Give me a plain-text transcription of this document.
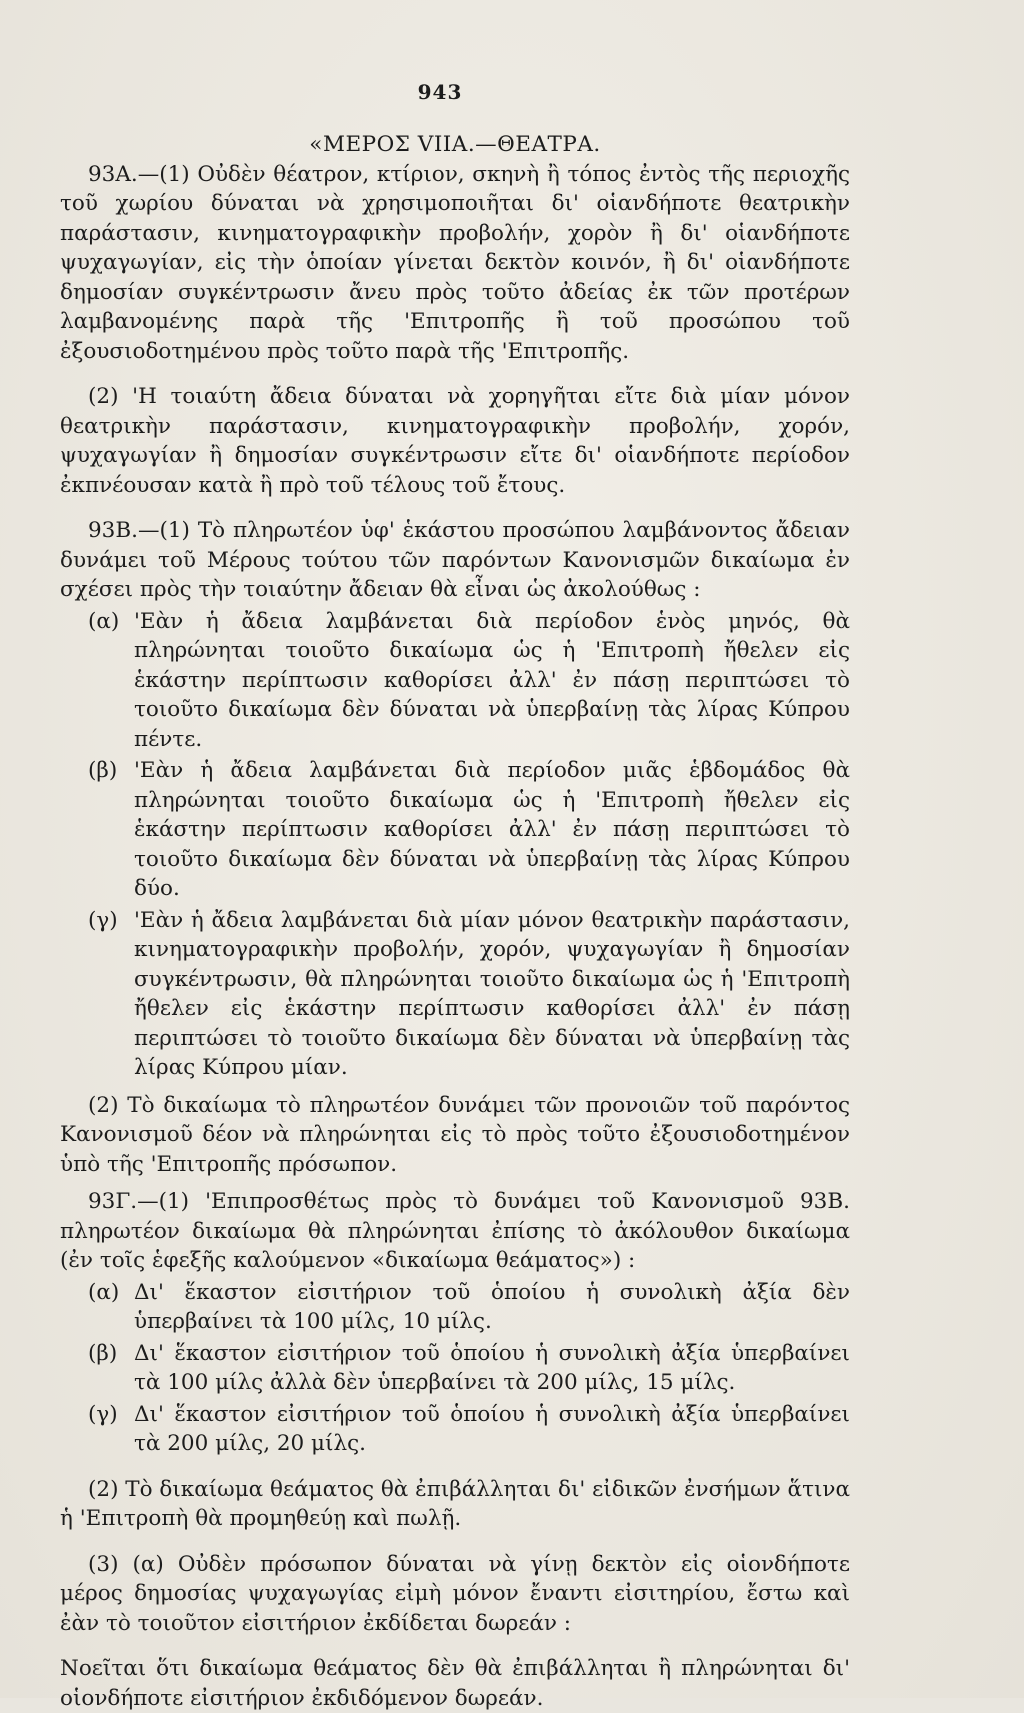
943

«ΜΕΡΟΣ VIIA.—ΘΕΑΤΡΑ.

93Α.—(1) Οὐδὲν θέατρον, κτίριον, σκηνὴ ἢ τόπος ἐντὸς τῆς περιοχῆς τοῦ χωρίου δύναται νὰ χρησιμοποιῆται δι' οἱανδήποτε θεατρικὴν παράστασιν, κινηματογραφικὴν προβολήν, χορὸν ἢ δι' οἱανδήποτε ψυχαγωγίαν, εἰς τὴν ὁποίαν γίνεται δεκτὸν κοινόν, ἢ δι' οἱανδήποτε δημοσίαν συγκέντρωσιν ἄνευ πρὸς τοῦτο ἀδείας ἐκ τῶν προτέρων λαμβανομένης παρὰ τῆς 'Επιτροπῆς ἢ τοῦ προσώπου τοῦ ἐξουσιοδοτημένου πρὸς τοῦτο παρὰ τῆς 'Επιτροπῆς.

(2) 'Η τοιαύτη ἄδεια δύναται νὰ χορηγῆται εἴτε διὰ μίαν μόνον θεατρικὴν παράστασιν, κινηματογραφικὴν προβολήν, χορόν, ψυχαγωγίαν ἢ δημοσίαν συγκέντρωσιν εἴτε δι' οἱανδήποτε περίοδον ἐκπνέουσαν κατὰ ἢ πρὸ τοῦ τέλους τοῦ ἔτους.

93Β.—(1) Τὸ πληρωτέον ὑφ' ἑκάστου προσώπου λαμβάνοντος ἄδειαν δυνάμει τοῦ Μέρους τούτου τῶν παρόντων Κανονισμῶν δικαίωμα ἐν σχέσει πρὸς τὴν τοιαύτην ἄδειαν θὰ εἶναι ὡς ἀκολούθως :

(α) 'Εὰν ἡ ἄδεια λαμβάνεται διὰ περίοδον ἑνὸς μηνός, θὰ πληρώνηται τοιοῦτο δικαίωμα ὡς ἡ 'Επιτροπὴ ἤθελεν εἰς ἑκάστην περίπτωσιν καθορίσει ἀλλ' ἐν πάσῃ περιπτώσει τὸ τοιοῦτο δικαίωμα δὲν δύναται νὰ ὑπερβαίνῃ τὰς λίρας Κύπρου πέντε.
(β) 'Εὰν ἡ ἄδεια λαμβάνεται διὰ περίοδον μιᾶς ἑβδομάδος θὰ πληρώνηται τοιοῦτο δικαίωμα ὡς ἡ 'Επιτροπὴ ἤθελεν εἰς ἑκάστην περίπτωσιν καθορίσει ἀλλ' ἐν πάσῃ περιπτώσει τὸ τοιοῦτο δικαίωμα δὲν δύναται νὰ ὑπερβαίνῃ τὰς λίρας Κύπρου δύο.
(γ) 'Εὰν ἡ ἄδεια λαμβάνεται διὰ μίαν μόνον θεατρικὴν παράστασιν, κινηματογραφικὴν προβολήν, χορόν, ψυχαγωγίαν ἢ δημοσίαν συγκέντρωσιν, θὰ πληρώνηται τοιοῦτο δικαίωμα ὡς ἡ 'Επιτροπὴ ἤθελεν εἰς ἑκάστην περίπτωσιν καθορίσει ἀλλ' ἐν πάσῃ περιπτώσει τὸ τοιοῦτο δικαίωμα δὲν δύναται νὰ ὑπερβαίνῃ τὰς λίρας Κύπρου μίαν.

(2) Τὸ δικαίωμα τὸ πληρωτέον δυνάμει τῶν προνοιῶν τοῦ παρόντος Κανονισμοῦ δέον νὰ πληρώνηται εἰς τὸ πρὸς τοῦτο ἐξουσιοδοτημένον ὑπὸ τῆς 'Επιτροπῆς πρόσωπον.

93Γ.—(1) 'Επιπροσθέτως πρὸς τὸ δυνάμει τοῦ Κανονισμοῦ 93Β. πληρωτέον δικαίωμα θὰ πληρώνηται ἐπίσης τὸ ἀκόλουθον δικαίωμα (ἐν τοῖς ἑφεξῆς καλούμενον «δικαίωμα θεάματος») :

(α) Δι' ἕκαστον εἰσιτήριον τοῦ ὁποίου ἡ συνολικὴ ἀξία δὲν ὑπερβαίνει τὰ 100 μίλς, 10 μίλς.
(β) Δι' ἕκαστον εἰσιτήριον τοῦ ὁποίου ἡ συνολικὴ ἀξία ὑπερβαίνει τὰ 100 μίλς ἀλλὰ δὲν ὑπερβαίνει τὰ 200 μίλς, 15 μίλς.
(γ) Δι' ἕκαστον εἰσιτήριον τοῦ ὁποίου ἡ συνολικὴ ἀξία ὑπερβαίνει τὰ 200 μίλς, 20 μίλς.

(2) Τὸ δικαίωμα θεάματος θὰ ἐπιβάλληται δι' εἰδικῶν ἐνσήμων ἅτινα ἡ 'Επιτροπὴ θὰ προμηθεύῃ καὶ πωλῇ.

(3) (α) Οὐδὲν πρόσωπον δύναται νὰ γίνῃ δεκτὸν εἰς οἱονδήποτε μέρος δημοσίας ψυχαγωγίας εἰμὴ μόνον ἔναντι εἰσιτηρίου, ἔστω καὶ ἐὰν τὸ τοιοῦτον εἰσιτήριον ἐκδίδεται δωρεάν :

Νοεῖται ὅτι δικαίωμα θεάματος δὲν θὰ ἐπιβάλληται ἢ πληρώνηται δι' οἱονδήποτε εἰσιτήριον ἐκδιδόμενον δωρεάν.
